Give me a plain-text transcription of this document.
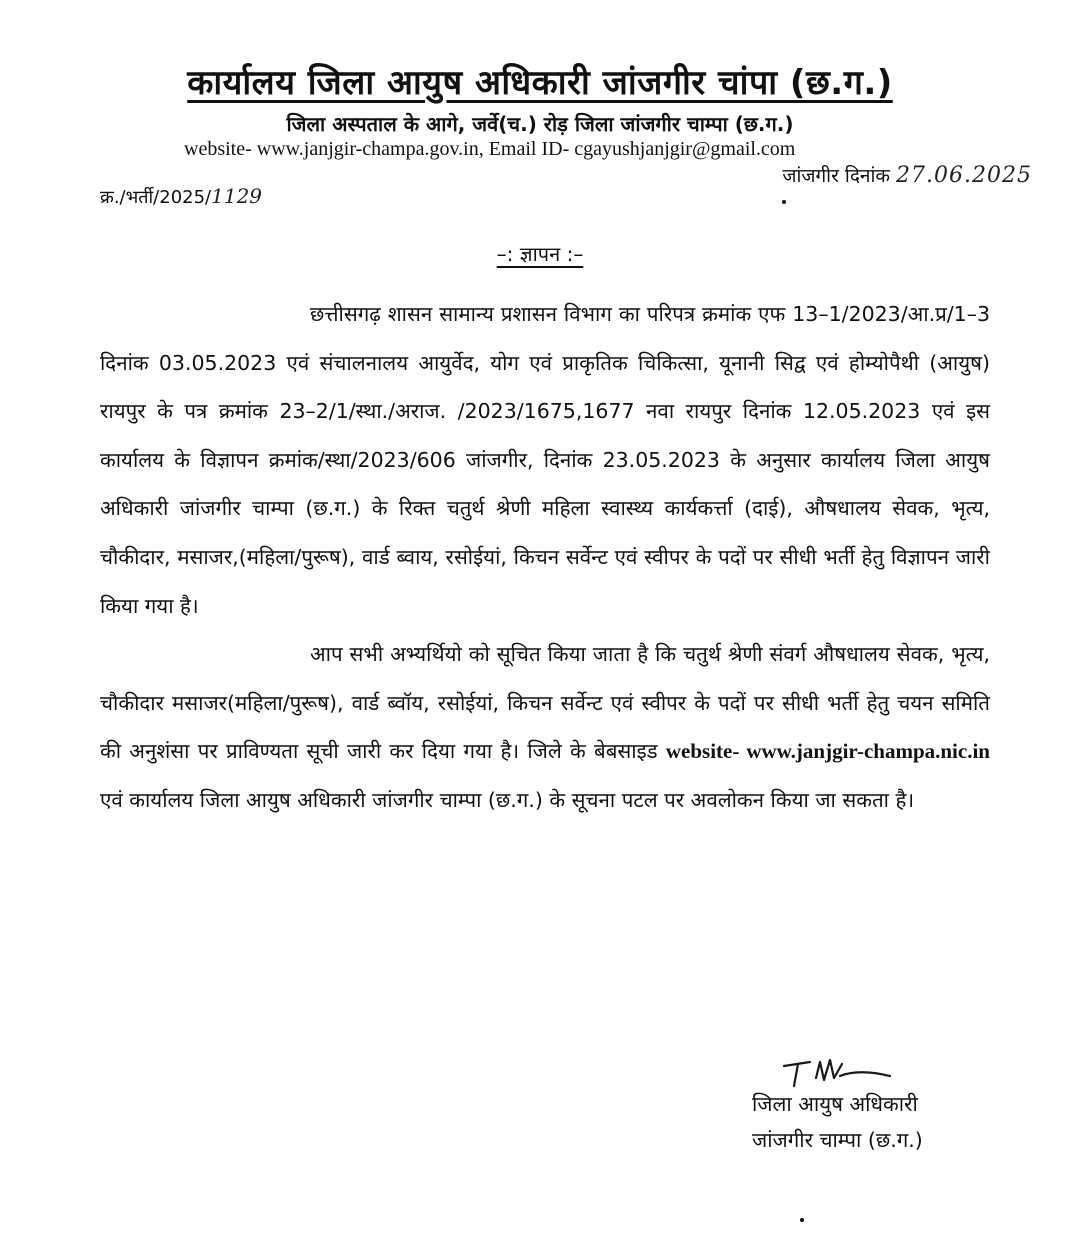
कार्यालय जिला आयुष अधिकारी जांजगीर चांपा (छ.ग.)
जिला अस्पताल के आगे, जर्वे(च.) रोड़ जिला जांजगीर चाम्पा (छ.ग.)
website- www.janjgir-champa.gov.in, Email ID- cgayushjanjgir@gmail.com
क्र./भर्ती/2025/1129
जांजगीर दिनांक 27.06.2025
–: ज्ञापन :–

छत्तीसगढ़ शासन सामान्य प्रशासन विभाग का परिपत्र क्रमांक एफ 13–1/2023/आ.प्र/1–3 दिनांक 03.05.2023 एवं संचालनालय आयुर्वेद, योग एवं प्राकृतिक चिकित्सा, यूनानी सिद्व एवं होम्योपैथी (आयुष) रायपुर के पत्र क्रमांक 23–2/1/स्था./अराज. /2023/1675,1677 नवा रायपुर दिनांक 12.05.2023 एवं इस कार्यालय के विज्ञापन क्रमांक/स्था/2023/606 जांजगीर, दिनांक 23.05.2023 के अनुसार कार्यालय जिला आयुष अधिकारी जांजगीर चाम्पा (छ.ग.) के रिक्त चतुर्थ श्रेणी महिला स्वास्थ्य कार्यकर्त्ता (दाई), औषधालय सेवक, भृत्य, चौकीदार, मसाजर,(महिला/पुरूष), वार्ड ब्वाय, रसोईयां, किचन सर्वेन्ट एवं स्वीपर के पदों पर सीधी भर्ती हेतु विज्ञापन जारी किया गया है।

आप सभी अभ्यर्थियो को सूचित किया जाता है कि चतुर्थ श्रेणी संवर्ग औषधालय सेवक, भृत्य, चौकीदार मसाजर(महिला/पुरूष), वार्ड ब्वॉय, रसोईयां, किचन सर्वेन्ट एवं स्वीपर के पदों पर सीधी भर्ती हेतु चयन समिति की अनुशंसा पर प्राविण्यता सूची जारी कर दिया गया है। जिले के बेबसाइड website- www.janjgir-champa.nic.in एवं कार्यालय जिला आयुष अधिकारी जांजगीर चाम्पा (छ.ग.) के सूचना पटल पर अवलोकन किया जा सकता है।

जिला आयुष अधिकारी
जांजगीर चाम्पा (छ.ग.)
